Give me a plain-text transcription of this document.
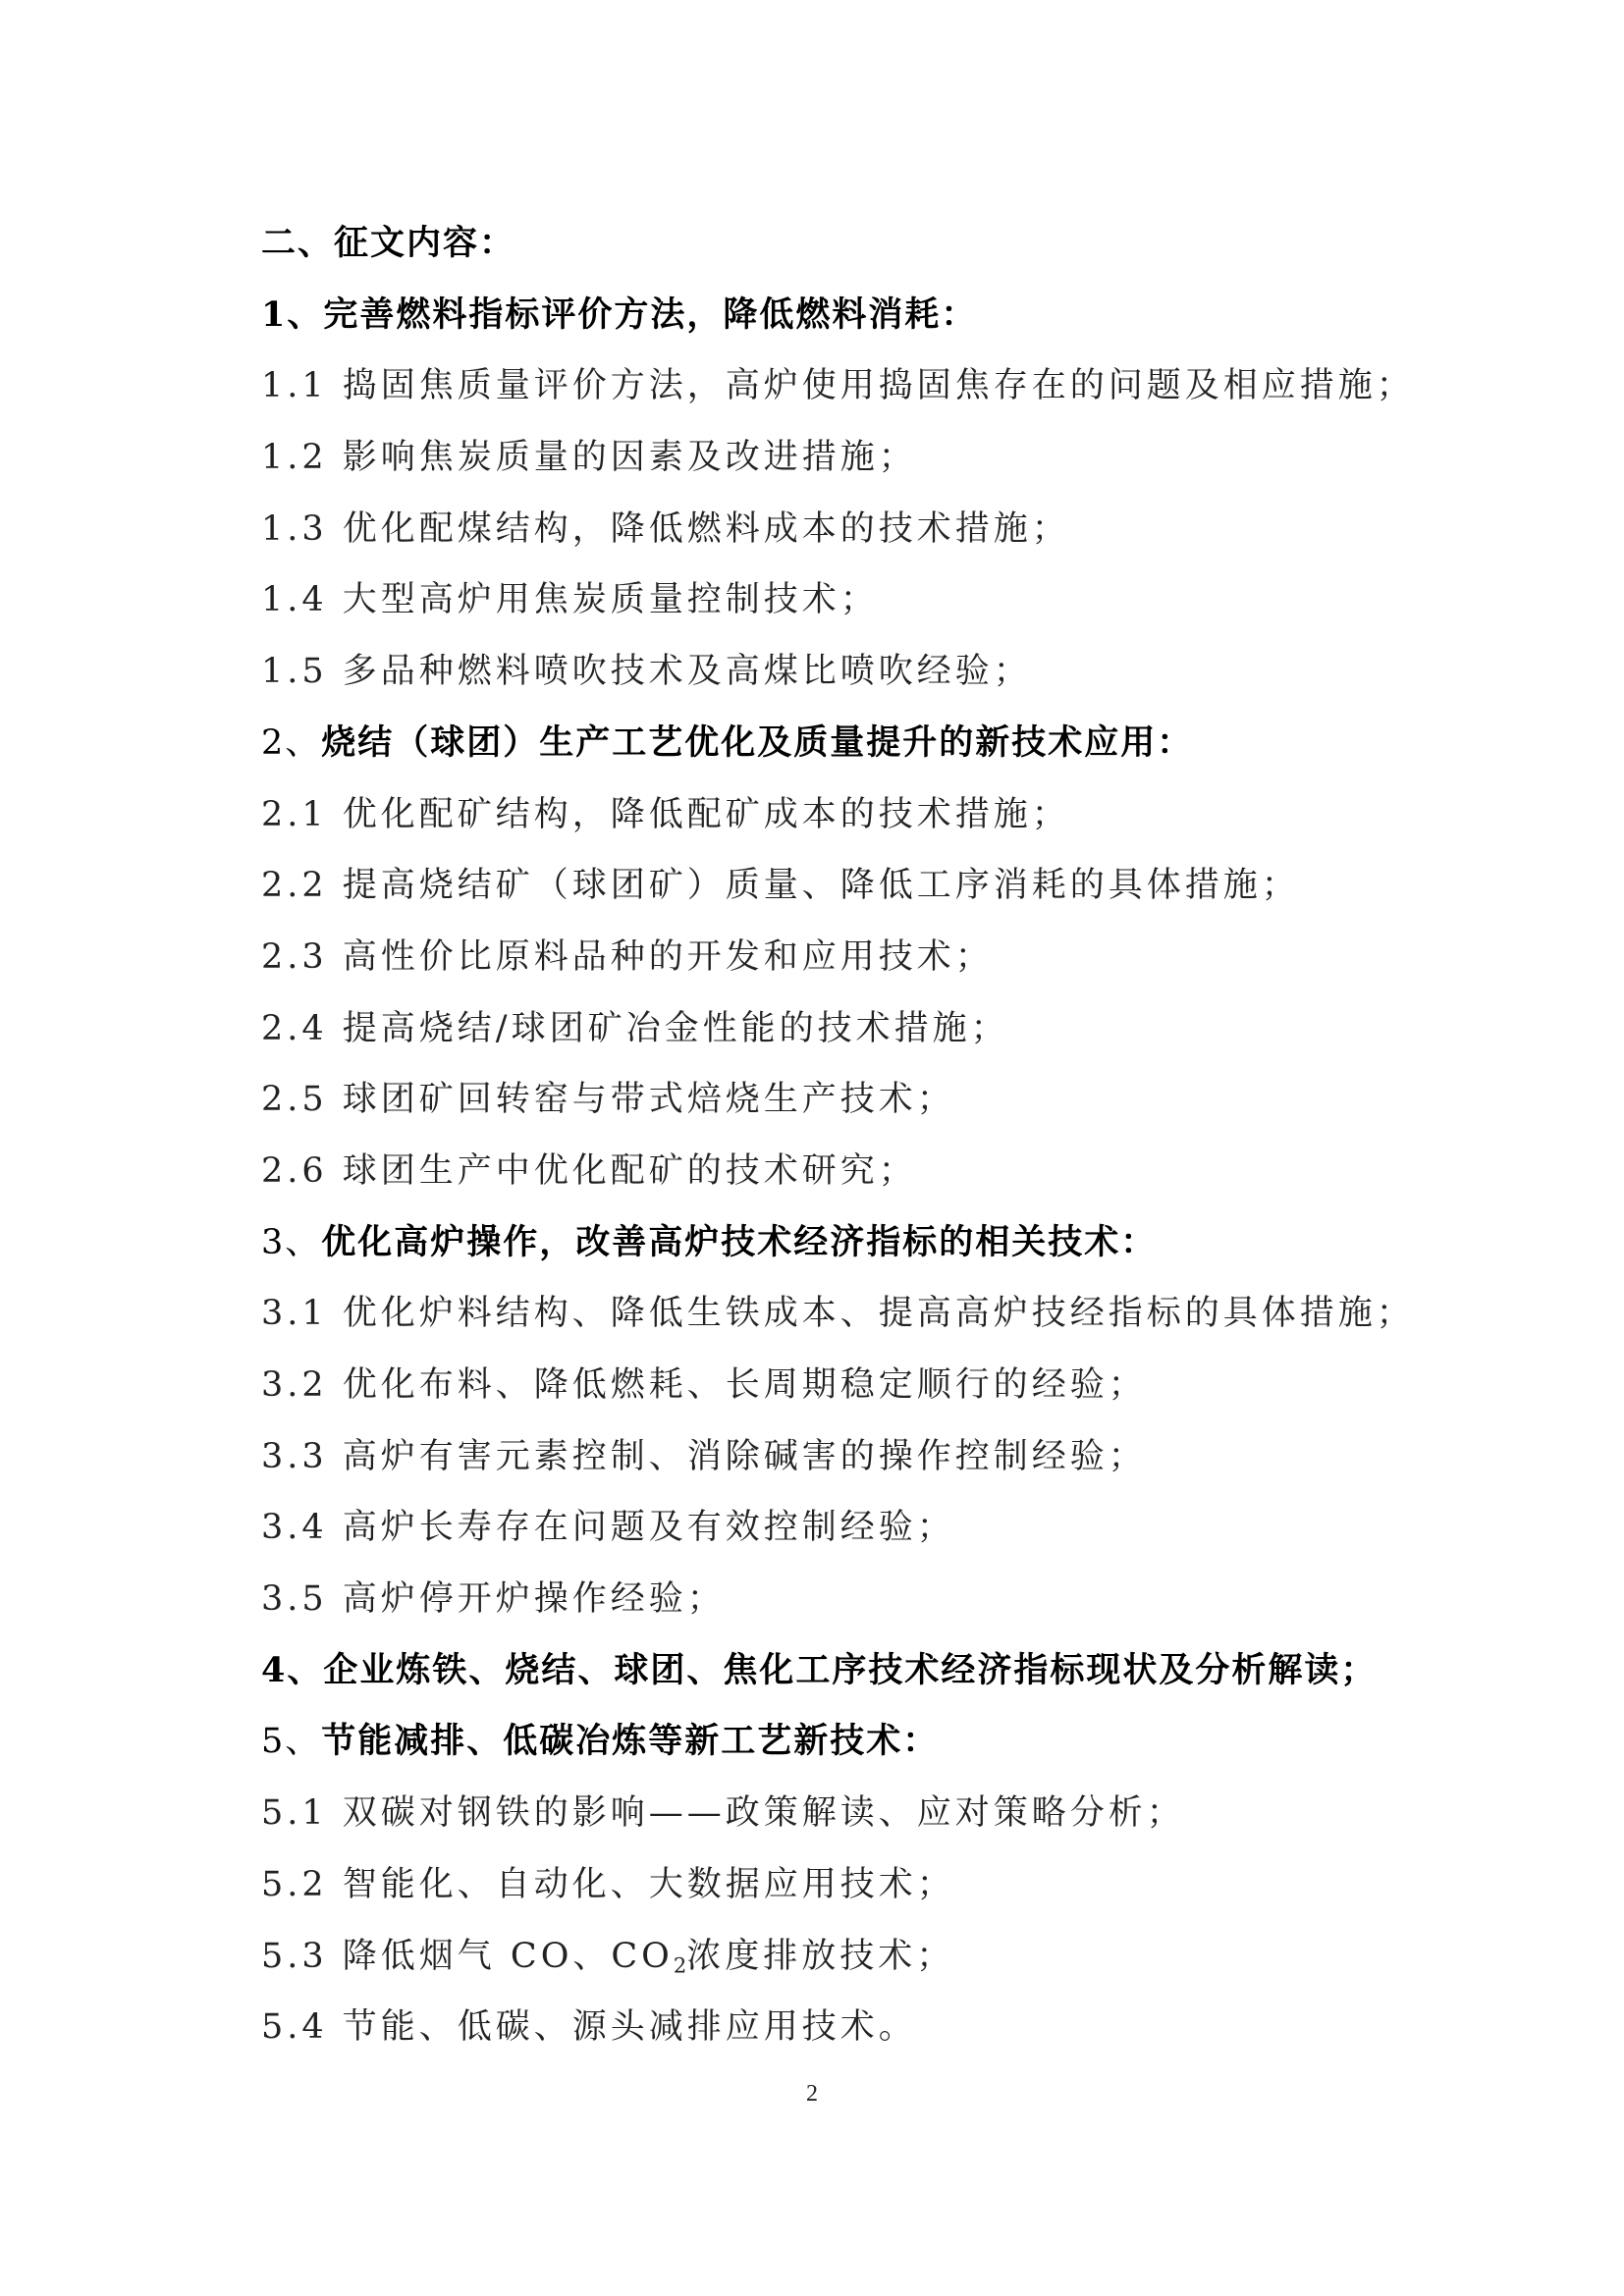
二、征文内容：
1、完善燃料指标评价方法，降低燃料消耗：
1.1 捣固焦质量评价方法，高炉使用捣固焦存在的问题及相应措施；
1.2 影响焦炭质量的因素及改进措施；
1.3 优化配煤结构，降低燃料成本的技术措施；
1.4 大型高炉用焦炭质量控制技术；
1.5 多品种燃料喷吹技术及高煤比喷吹经验；
2、烧结（球团）生产工艺优化及质量提升的新技术应用：
2.1 优化配矿结构，降低配矿成本的技术措施；
2.2 提高烧结矿（球团矿）质量、降低工序消耗的具体措施；
2.3 高性价比原料品种的开发和应用技术；
2.4 提高烧结/球团矿冶金性能的技术措施；
2.5 球团矿回转窑与带式焙烧生产技术；
2.6 球团生产中优化配矿的技术研究；
3、优化高炉操作，改善高炉技术经济指标的相关技术：
3.1 优化炉料结构、降低生铁成本、提高高炉技经指标的具体措施；
3.2 优化布料、降低燃耗、长周期稳定顺行的经验；
3.3 高炉有害元素控制、消除碱害的操作控制经验；
3.4 高炉长寿存在问题及有效控制经验；
3.5 高炉停开炉操作经验；
4、企业炼铁、烧结、球团、焦化工序技术经济指标现状及分析解读；
5、节能减排、低碳冶炼等新工艺新技术：
5.1 双碳对钢铁的影响——政策解读、应对策略分析；
5.2 智能化、自动化、大数据应用技术；
5.3 降低烟气 CO、$CO_2$浓度排放技术；
5.4 节能、低碳、源头减排应用技术。
2
